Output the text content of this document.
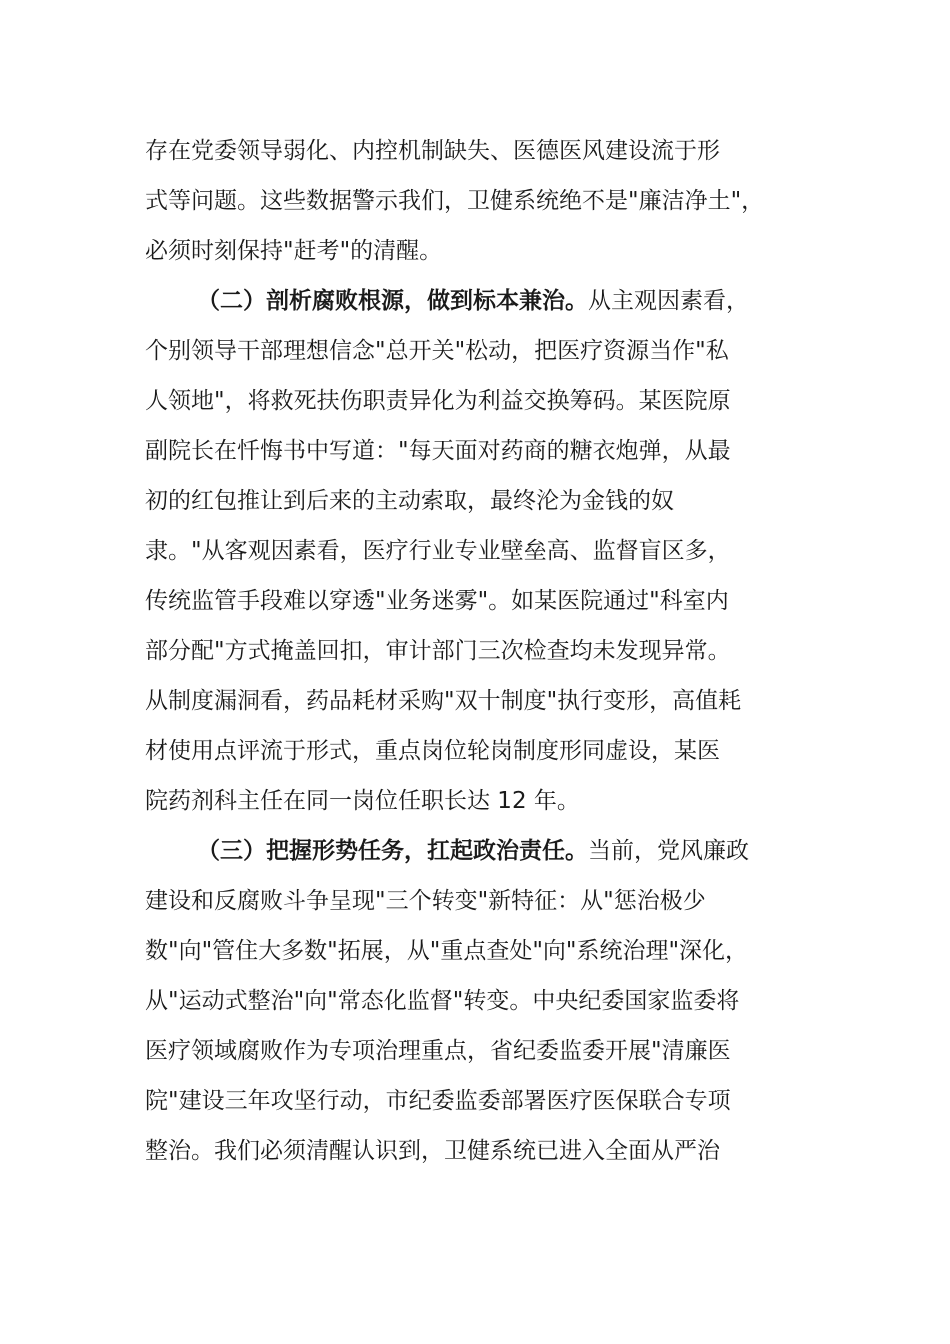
存在党委领导弱化、内控机制缺失、医德医风建设流于形
式等问题。这些数据警示我们，卫健系统绝不是"廉洁净土"，
必须时刻保持"赶考"的清醒。
（二）剖析腐败根源，做到标本兼治。从主观因素看，
个别领导干部理想信念"总开关"松动，把医疗资源当作"私
人领地"，将救死扶伤职责异化为利益交换筹码。某医院原
副院长在忏悔书中写道："每天面对药商的糖衣炮弹，从最
初的红包推让到后来的主动索取，最终沦为金钱的奴
隶。"从客观因素看，医疗行业专业壁垒高、监督盲区多，
传统监管手段难以穿透"业务迷雾"。如某医院通过"科室内
部分配"方式掩盖回扣，审计部门三次检查均未发现异常。
从制度漏洞看，药品耗材采购"双十制度"执行变形，高值耗
材使用点评流于形式，重点岗位轮岗制度形同虚设，某医
院药剂科主任在同一岗位任职长达 12 年。
（三）把握形势任务，扛起政治责任。当前，党风廉政
建设和反腐败斗争呈现"三个转变"新特征：从"惩治极少
数"向"管住大多数"拓展，从"重点查处"向"系统治理"深化，
从"运动式整治"向"常态化监督"转变。中央纪委国家监委将
医疗领域腐败作为专项治理重点，省纪委监委开展"清廉医
院"建设三年攻坚行动，市纪委监委部署医疗医保联合专项
整治。我们必须清醒认识到，卫健系统已进入全面从严治
